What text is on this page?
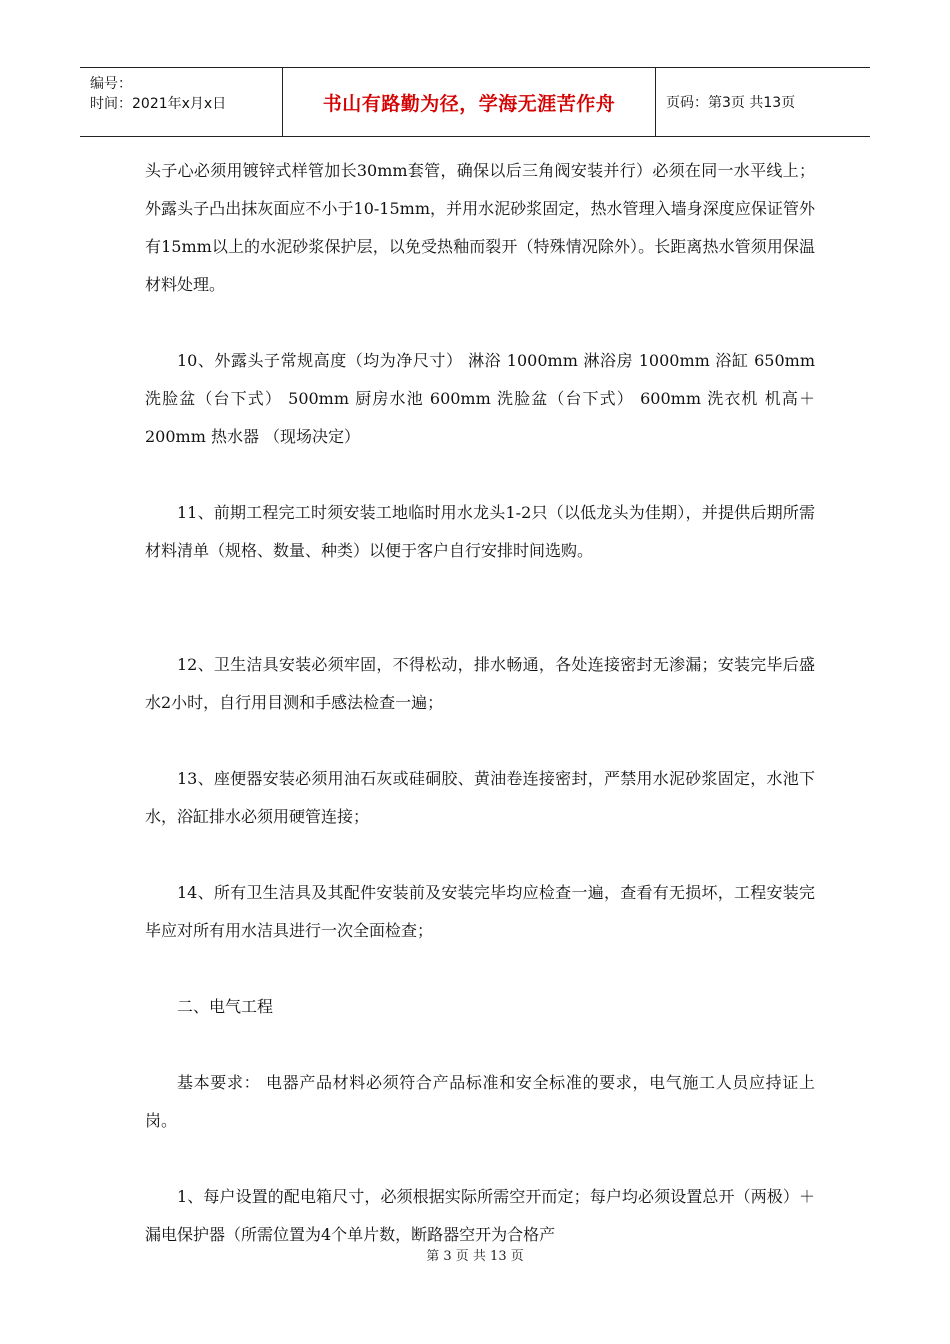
编号：
时间：2021年x月x日	书山有路勤为径，学海无涯苦作舟	页码：第3页 共13页

头子心必须用镀锌式样管加长30mm套管，确保以后三角阀安装并行）必须在同一水平线上；外露头子凸出抹灰面应不小于10-15mm，并用水泥砂浆固定，热水管理入墙身深度应保证管外有15mm以上的水泥砂浆保护层，以免受热釉而裂开（特殊情况除外）。长距离热水管须用保温材料处理。

10、外露头子常规高度（均为净尺寸） 淋浴 1000mm 淋浴房 1000mm 浴缸 650mm 洗脸盆（台下式） 500mm 厨房水池 600mm 洗脸盆（台下式） 600mm 洗衣机 机高＋200mm 热水器 （现场决定）

11、前期工程完工时须安装工地临时用水龙头1-2只（以低龙头为佳期），并提供后期所需材料清单（规格、数量、种类）以便于客户自行安排时间选购。

12、卫生洁具安装必须牢固，不得松动，排水畅通，各处连接密封无渗漏；安装完毕后盛水2小时，自行用目测和手感法检查一遍；

13、座便器安装必须用油石灰或硅硐胶、黄油卷连接密封，严禁用水泥砂浆固定，水池下水，浴缸排水必须用硬管连接；

14、所有卫生洁具及其配件安装前及安装完毕均应检查一遍，查看有无损坏，工程安装完毕应对所有用水洁具进行一次全面检查；

二、电气工程

基本要求： 电器产品材料必须符合产品标准和安全标准的要求，电气施工人员应持证上岗。

1、每户设置的配电箱尺寸，必须根据实际所需空开而定；每户均必须设置总开（两极）＋漏电保护器（所需位置为4个单片数，断路器空开为合格产

第 3 页 共 13 页
